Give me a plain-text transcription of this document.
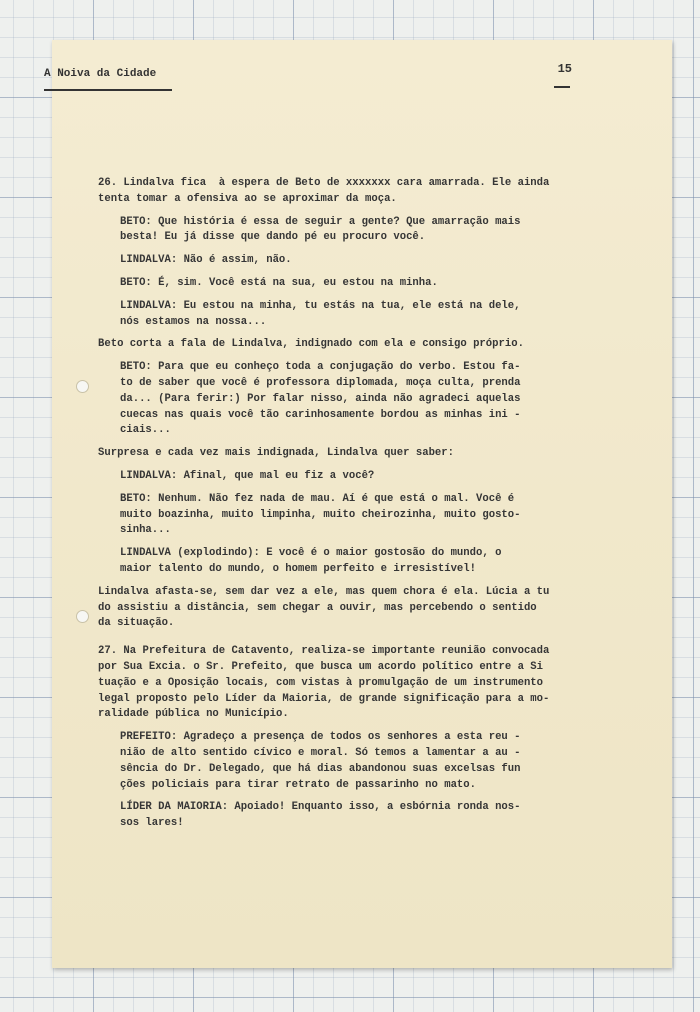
A Noiva da Cidade	15

26. Lindalva fica  à espera de Beto de xxxxxxx cara amarrada. Ele ainda
tenta tomar a ofensiva ao se aproximar da moça.

BETO: Que história é essa de seguir a gente? Que amarração mais
besta! Eu já disse que dando pé eu procuro você.

LINDALVA: Não é assim, não.

BETO: É, sim. Você está na sua, eu estou na minha.

LINDALVA: Eu estou na minha, tu estás na tua, ele está na dele,
nós estamos na nossa...

Beto corta a fala de Lindalva, indignado com ela e consigo próprio.

BETO: Para que eu conheço toda a conjugação do verbo. Estou fa-
to de saber que você é professora diplomada, moça culta, prenda
da... (Para ferir:) Por falar nisso, ainda não agradeci aquelas
cuecas nas quais você tão carinhosamente bordou as minhas ini -
ciais...

Surpresa e cada vez mais indignada, Lindalva quer saber:

LINDALVA: Afinal, que mal eu fiz a você?

BETO: Nenhum. Não fez nada de mau. Aí é que está o mal. Você é
muito boazinha, muito limpinha, muito cheirozinha, muito gosto-
sinha...

LINDALVA (explodindo): E você é o maior gostosão do mundo, o
maior talento do mundo, o homem perfeito e irresistível!

Lindalva afasta-se, sem dar vez a ele, mas quem chora é ela. Lúcia a tu
do assistiu a distância, sem chegar a ouvir, mas percebendo o sentido
da situação.

27. Na Prefeitura de Catavento, realiza-se importante reunião convocada
por Sua Excia. o Sr. Prefeito, que busca um acordo político entre a Si
tuação e a Oposição locais, com vistas à promulgação de um instrumento
legal proposto pelo Líder da Maioria, de grande significação para a mo-
ralidade pública no Município.

PREFEITO: Agradeço a presença de todos os senhores a esta reu -
nião de alto sentido cívico e moral. Só temos a lamentar a au -
sência do Dr. Delegado, que há dias abandonou suas excelsas fun
ções policiais para tirar retrato de passarinho no mato.

LÍDER DA MAIORIA: Apoiado! Enquanto isso, a esbórnia ronda nos-
sos lares!
